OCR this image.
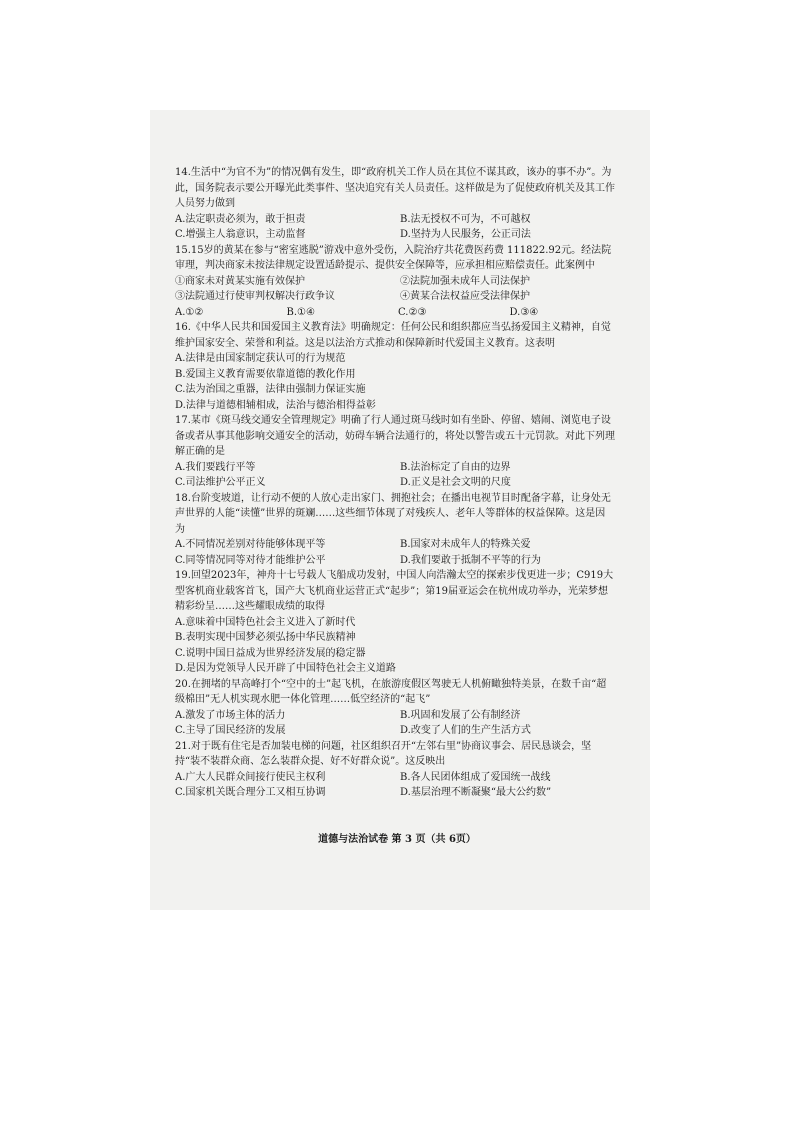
14.生活中“为官不为”的情况偶有发生，即“政府机关工作人员在其位不谋其政，该办的事不办”。为此，国务院表示要公开曝光此类事件、坚决追究有关人员责任。这样做是为了促使政府机关及其工作人员努力做到
A.法定职责必须为，敢于担责	B.法无授权不可为，不可越权
C.增强主人翁意识，主动监督	D.坚持为人民服务，公正司法
15.15岁的黄某在参与“密室逃脱”游戏中意外受伤，入院治疗共花费医药费 111822.92元。经法院审理，判决商家未按法律规定设置适龄提示、提供安全保障等，应承担相应赔偿责任。此案例中
①商家未对黄某实施有效保护	②法院加强未成年人司法保护
③法院通过行使审判权解决行政争议	④黄某合法权益应受法律保护
A.①②	B.①④	C.②③	D.③④
16.《中华人民共和国爱国主义教育法》明确规定：任何公民和组织都应当弘扬爱国主义精神，自觉维护国家安全、荣誉和利益。这是以法治方式推动和保障新时代爱国主义教育。这表明
A.法律是由国家制定获认可的行为规范
B.爱国主义教育需要依靠道德的教化作用
C.法为治国之重器，法律由强制力保证实施
D.法律与道德相辅相成，法治与德治相得益彰
17.某市《斑马线交通安全管理规定》明确了行人通过斑马线时如有坐卧、停留、嬉闹、浏览电子设备或者从事其他影响交通安全的活动，妨碍车辆合法通行的，将处以警告或五十元罚款。对此下列理解正确的是
A.我们要践行平等	B.法治标定了自由的边界
C.司法维护公平正义	D.正义是社会文明的尺度
18.台阶变坡道，让行动不便的人放心走出家门、拥抱社会；在播出电视节目时配备字幕，让身处无声世界的人能“读懂”世界的斑斓……这些细节体现了对残疾人、老年人等群体的权益保障。这是因为
A.不同情况差别对待能够体现平等	B.国家对未成年人的特殊关爱
C.同等情况同等对待才能维护公平	D.我们要敢于抵制不平等的行为
19.回望2023年，神舟十七号载人飞船成功发射，中国人向浩瀚太空的探索步伐更进一步；C919大型客机商业载客首飞，国产大飞机商业运营正式“起步”；第19届亚运会在杭州成功举办，光荣梦想精彩纷呈……这些耀眼成绩的取得
A.意味着中国特色社会主义进入了新时代
B.表明实现中国梦必须弘扬中华民族精神
C.说明中国日益成为世界经济发展的稳定器
D.是因为党领导人民开辟了中国特色社会主义道路
20.在拥堵的早高峰打个“空中的士”起飞机，在旅游度假区驾驶无人机俯瞰独特美景，在数千亩“超级棉田”无人机实现水肥一体化管理……低空经济的“起飞”
A.激发了市场主体的活力	B.巩固和发展了公有制经济
C.主导了国民经济的发展	D.改变了人们的生产生活方式
21.对于既有住宅是否加装电梯的问题，社区组织召开“左邻右里”协商议事会、居民恳谈会，坚持“装不装群众商、怎么装群众提、好不好群众说”。这反映出
A.广大人民群众间接行使民主权利	B.各人民团体组成了爱国统一战线
C.国家机关既合理分工又相互协调	D.基层治理不断凝聚“最大公约数”
道德与法治试卷 第 3 页（共 6页）
